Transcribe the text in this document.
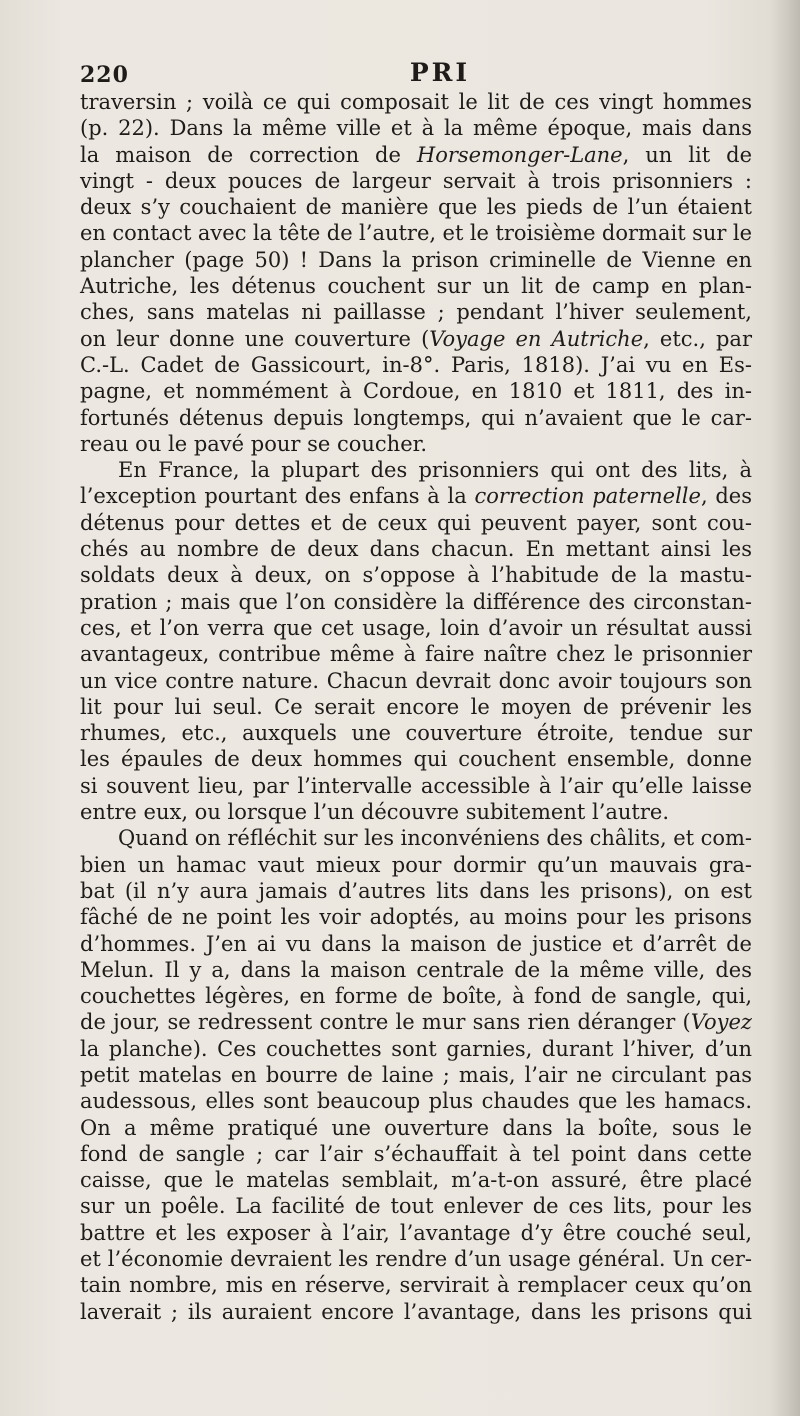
220	PRI
traversin ; voilà ce qui composait le lit de ces vingt hommes
(p. 22). Dans la même ville et à la même époque, mais dans
la maison de correction de Horsemonger-Lane, un lit de
vingt - deux pouces de largeur servait à trois prisonniers :
deux s’y couchaient de manière que les pieds de l’un étaient
en contact avec la tête de l’autre, et le troisième dormait sur le
plancher (page 50) ! Dans la prison criminelle de Vienne en
Autriche, les détenus couchent sur un lit de camp en plan-
ches, sans matelas ni paillasse ; pendant l’hiver seulement,
on leur donne une couverture (Voyage en Autriche, etc., par
C.-L. Cadet de Gassicourt, in-8°. Paris, 1818). J’ai vu en Es-
pagne, et nommément à Cordoue, en 1810 et 1811, des in-
fortunés détenus depuis longtemps, qui n’avaient que le car-
reau ou le pavé pour se coucher.
En France, la plupart des prisonniers qui ont des lits, à
l’exception pourtant des enfans à la correction paternelle, des
détenus pour dettes et de ceux qui peuvent payer, sont cou-
chés au nombre de deux dans chacun. En mettant ainsi les
soldats deux à deux, on s’oppose à l’habitude de la mastu-
pration ; mais que l’on considère la différence des circonstan-
ces, et l’on verra que cet usage, loin d’avoir un résultat aussi
avantageux, contribue même à faire naître chez le prisonnier
un vice contre nature. Chacun devrait donc avoir toujours son
lit pour lui seul. Ce serait encore le moyen de prévenir les
rhumes, etc., auxquels une couverture étroite, tendue sur
les épaules de deux hommes qui couchent ensemble, donne
si souvent lieu, par l’intervalle accessible à l’air qu’elle laisse
entre eux, ou lorsque l’un découvre subitement l’autre.
Quand on réfléchit sur les inconvéniens des châlits, et com-
bien un hamac vaut mieux pour dormir qu’un mauvais gra-
bat (il n’y aura jamais d’autres lits dans les prisons), on est
fâché de ne point les voir adoptés, au moins pour les prisons
d’hommes. J’en ai vu dans la maison de justice et d’arrêt de
Melun. Il y a, dans la maison centrale de la même ville, des
couchettes légères, en forme de boîte, à fond de sangle, qui,
de jour, se redressent contre le mur sans rien déranger (Voyez
la planche). Ces couchettes sont garnies, durant l’hiver, d’un
petit matelas en bourre de laine ; mais, l’air ne circulant pas
audessous, elles sont beaucoup plus chaudes que les hamacs.
On a même pratiqué une ouverture dans la boîte, sous le
fond de sangle ; car l’air s’échauffait à tel point dans cette
caisse, que le matelas semblait, m’a-t-on assuré, être placé
sur un poêle. La facilité de tout enlever de ces lits, pour les
battre et les exposer à l’air, l’avantage d’y être couché seul,
et l’économie devraient les rendre d’un usage général. Un cer-
tain nombre, mis en réserve, servirait à remplacer ceux qu’on
laverait ; ils auraient encore l’avantage, dans les prisons qui
